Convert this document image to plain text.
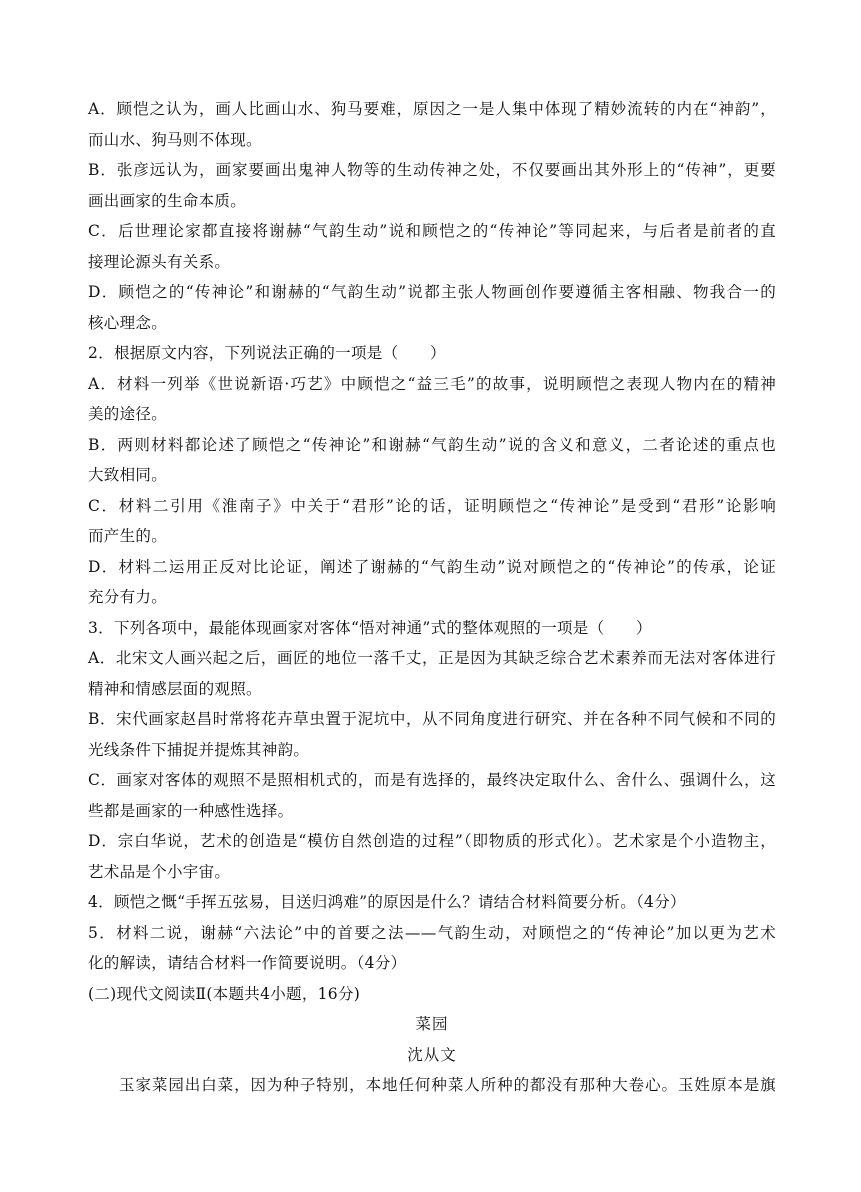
A．顾恺之认为，画人比画山水、狗马要难，原因之一是人集中体现了精妙流转的内在“神韵”，
而山水、狗马则不体现。
B．张彦远认为，画家要画出鬼神人物等的生动传神之处，不仅要画出其外形上的“传神”，更要
画出画家的生命本质。
C．后世理论家都直接将谢赫“气韵生动”说和顾恺之的“传神论”等同起来，与后者是前者的直
接理论源头有关系。
D．顾恺之的“传神论”和谢赫的“气韵生动”说都主张人物画创作要遵循主客相融、物我合一的
核心理念。
2．根据原文内容，下列说法正确的一项是（　　）
A．材料一列举《世说新语·巧艺》中顾恺之“益三毛”的故事，说明顾恺之表现人物内在的精神
美的途径。
B．两则材料都论述了顾恺之“传神论”和谢赫“气韵生动”说的含义和意义，二者论述的重点也
大致相同。
C．材料二引用《淮南子》中关于“君形”论的话，证明顾恺之“传神论”是受到“君形”论影响
而产生的。
D．材料二运用正反对比论证，阐述了谢赫的“气韵生动”说对顾恺之的“传神论”的传承，论证
充分有力。
3．下列各项中，最能体现画家对客体“悟对神通”式的整体观照的一项是（　　）
A．北宋文人画兴起之后，画匠的地位一落千丈，正是因为其缺乏综合艺术素养而无法对客体进行
精神和情感层面的观照。
B．宋代画家赵昌时常将花卉草虫置于泥坑中，从不同角度进行研究、并在各种不同气候和不同的
光线条件下捕捉并提炼其神韵。
C．画家对客体的观照不是照相机式的，而是有选择的，最终决定取什么、舍什么、强调什么，这
些都是画家的一种感性选择。
D．宗白华说，艺术的创造是“模仿自然创造的过程”（即物质的形式化）。艺术家是个小造物主，
艺术品是个小宇宙。
4．顾恺之慨“手挥五弦易，目送归鸿难”的原因是什么？请结合材料简要分析。（4分）
5．材料二说，谢赫“六法论”中的首要之法——气韵生动，对顾恺之的“传神论”加以更为艺术
化的解读，请结合材料一作简要说明。（4分）
(二)现代文阅读Ⅱ(本题共4小题，16分)
菜园
沈从文
玉家菜园出白菜，因为种子特别，本地任何种菜人所种的都没有那种大卷心。玉姓原本是旗
